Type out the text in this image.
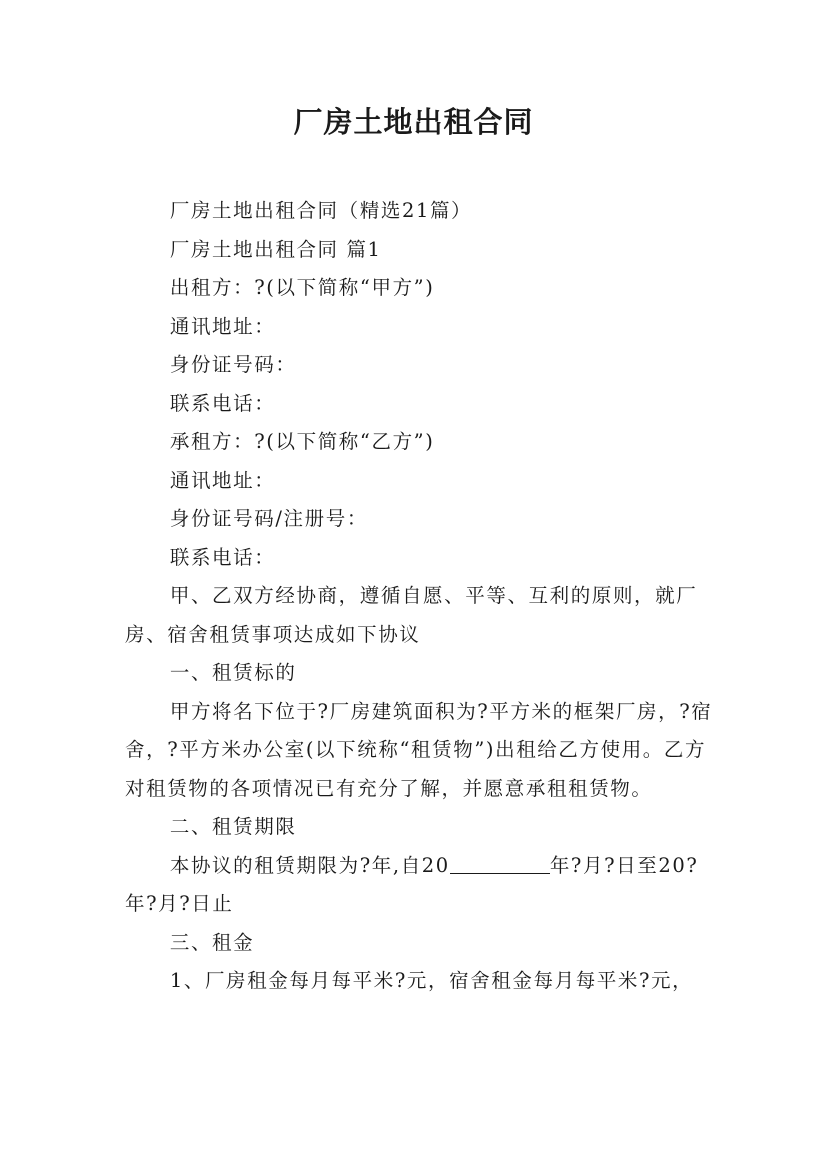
厂房土地出租合同

厂房土地出租合同（精选21篇）

厂房土地出租合同 篇1

出租方：?(以下简称“甲方”)

通讯地址：

身份证号码：

联系电话：

承租方：?(以下简称“乙方”)

通讯地址：

身份证号码/注册号：

联系电话：

甲、乙双方经协商，遵循自愿、平等、互利的原则，就厂房、宿舍租赁事项达成如下协议

一、租赁标的

甲方将名下位于?厂房建筑面积为?平方米的框架厂房，?宿舍，?平方米办公室(以下统称“租赁物”)出租给乙方使用。乙方对租赁物的各项情况已有充分了解，并愿意承租租赁物。

二、租赁期限

本协议的租赁期限为?年,自20	年?月?日至20?年?月?日止

三、租金

1、厂房租金每月每平米?元，宿舍租金每月每平米?元，
